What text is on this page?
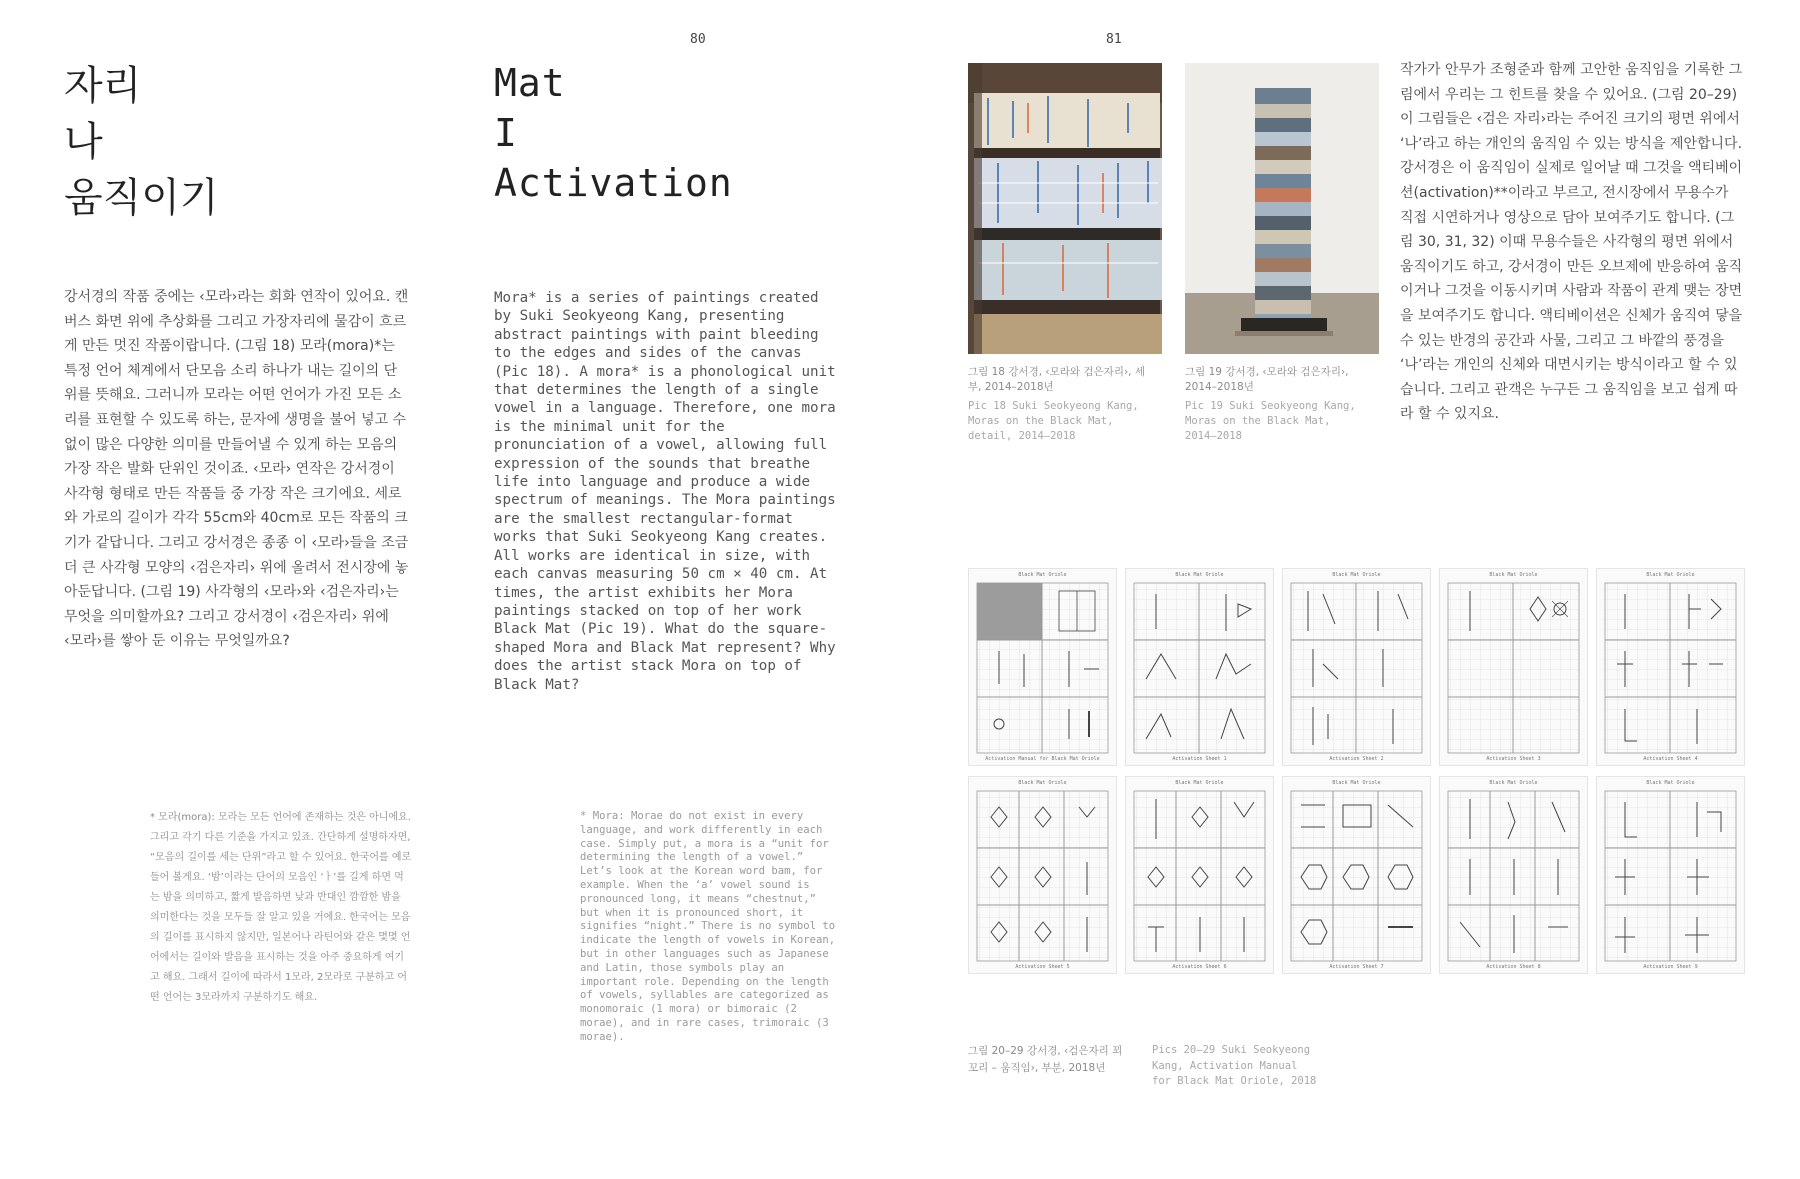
80	81
자리
나
움직이기

강서경의 작품 중에는 ‹모라›라는 회화 연작이 있어요. 캔버스 화면 위에 추상화를 그리고 가장자리에 물감이 흐르게 만든 멋진 작품이랍니다. (그림 18) 모라(mora)*는 특정 언어 체계에서 단모음 소리 하나가 내는 길이의 단위를 뜻해요. 그러니까 모라는 어떤 언어가 가진 모든 소리를 표현할 수 있도록 하는, 문자에 생명을 불어 넣고 수없이 많은 다양한 의미를 만들어낼 수 있게 하는 모음의 가장 작은 발화 단위인 것이죠. ‹모라› 연작은 강서경이 사각형 형태로 만든 작품들 중 가장 작은 크기에요. 세로와 가로의 길이가 각각 55cm와 40cm로 모든 작품의 크기가 같답니다. 그리고 강서경은 종종 이 ‹모라›들을 조금 더 큰 사각형 모양의 ‹검은자리› 위에 올려서 전시장에 놓아둔답니다. (그림 19) 사각형의 ‹모라›와 ‹검은자리›는 무엇을 의미할까요? 그리고 강서경이 ‹검은자리› 위에 ‹모라›를 쌓아 둔 이유는 무엇일까요?

* 모라(mora): 모라는 모든 언어에 존재하는 것은 아니에요. 그리고 각기 다른 기준을 가지고 있죠. 간단하게 설명하자면, “모음의 길이를 세는 단위”라고 할 수 있어요. 한국어를 예로 들어 볼게요. ‘밤’이라는 단어의 모음인 ‘ㅏ’를 길게 하면 먹는 밤을 의미하고, 짧게 발음하면 낮과 반대인 깜깜한 밤을 의미한다는 것을 모두들 잘 알고 있을 거에요. 한국어는 모음의 길이를 표시하지 않지만, 일본어나 라틴어와 같은 몇몇 언어에서는 길이와 발음을 표시하는 것을 아주 중요하게 여기고 해요. 그래서 길이에 따라서 1모라, 2모라로 구분하고 어떤 언어는 3모라까지 구분하기도 해요.

Mat
I
Activation

Mora* is a series of paintings created by Suki Seokyeong Kang, presenting abstract paintings with paint bleeding to the edges and sides of the canvas (Pic 18). A mora* is a phonological unit that determines the length of a single vowel in a language. Therefore, one mora is the minimal unit for the pronunciation of a vowel, allowing full expression of the sounds that breathe life into language and produce a wide spectrum of meanings. The Mora paintings are the smallest rectangular-format works that Suki Seokyeong Kang creates. All works are identical in size, with each canvas measuring 50 cm × 40 cm. At times, the artist exhibits her Mora paintings stacked on top of her work Black Mat (Pic 19). What do the square-shaped Mora and Black Mat represent? Why does the artist stack Mora on top of Black Mat?

* Mora: Morae do not exist in every language, and work differently in each case. Simply put, a mora is a “unit for determining the length of a vowel.” Let’s look at the Korean word bam, for example. When the ‘a’ vowel sound is pronounced long, it means “chestnut,” but when it is pronounced short, it signifies “night.” There is no symbol to indicate the length of vowels in Korean, but in other languages such as Japanese and Latin, those symbols play an important role. Depending on the length of vowels, syllables are categorized as monomoraic (1 mora) or bimoraic (2 morae), and in rare cases, trimoraic (3 morae).

그림 18 강서경, ‹모라와 검은자리›, 세부, 2014–2018년

Pic 18 Suki Seokyeong Kang, Moras on the Black Mat, detail, 2014–2018

그림 19 강서경, ‹모라와 검은자리›, 2014–2018년

Pic 19 Suki Seokyeong Kang, Moras on the Black Mat, 2014–2018

작가가 안무가 조형준과 함께 고안한 움직임을 기록한 그림에서 우리는 그 힌트를 찾을 수 있어요. (그림 20–29) 이 그림들은 ‹검은 자리›라는 주어진 크기의 평면 위에서 ‘나’라고 하는 개인의 움직임 수 있는 방식을 제안합니다. 강서경은 이 움직임이 실제로 일어날 때 그것을 액티베이션(activation)**이라고 부르고, 전시장에서 무용수가 직접 시연하거나 영상으로 담아 보여주기도 합니다. (그림 30, 31, 32) 이때 무용수들은 사각형의 평면 위에서 움직이기도 하고, 강서경이 만든 오브제에 반응하여 움직이거나 그것을 이동시키며 사람과 작품이 관계 맺는 장면을 보여주기도 합니다. 액티베이션은 신체가 움직여 닿을 수 있는 반경의 공간과 사물, 그리고 그 바깥의 풍경을 ‘나’라는 개인의 신체와 대면시키는 방식이라고 할 수 있습니다. 그리고 관객은 누구든 그 움직임을 보고 쉽게 따라 할 수 있지요.

Black Mat Oriole
Activation Manual for Black Mat Oriole
Black Mat Oriole
Activation Sheet 1
Black Mat Oriole
Activation Sheet 2
Black Mat Oriole
Activation Sheet 3
Black Mat Oriole
Activation Sheet 4
Black Mat Oriole
Activation Sheet 5
Black Mat Oriole
Activation Sheet 6
Black Mat Oriole
Activation Sheet 7
Black Mat Oriole
Activation Sheet 8
Black Mat Oriole
Activation Sheet 9

그림 20–29 강서경, ‹검은자리 꾀꼬리 – 움직임›, 부분, 2018년

Pics 20–29 Suki Seokyeong Kang, Activation Manual for Black Mat Oriole, 2018
